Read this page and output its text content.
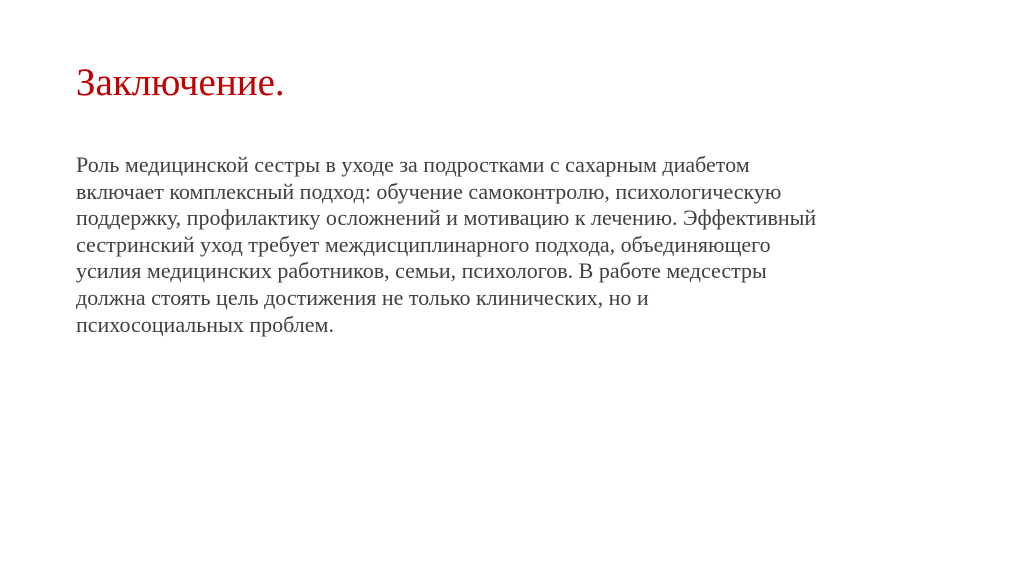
Заключение.
Роль медицинской сестры в уходе за подростками с сахарным диабетом
включает комплексный подход: обучение самоконтролю, психологическую
поддержку, профилактику осложнений и мотивацию к лечению. Эффективный
сестринский уход требует междисциплинарного подхода, объединяющего
усилия медицинских работников, семьи, психологов. В работе медсестры
должна стоять цель достижения не только клинических, но и
психосоциальных проблем.
